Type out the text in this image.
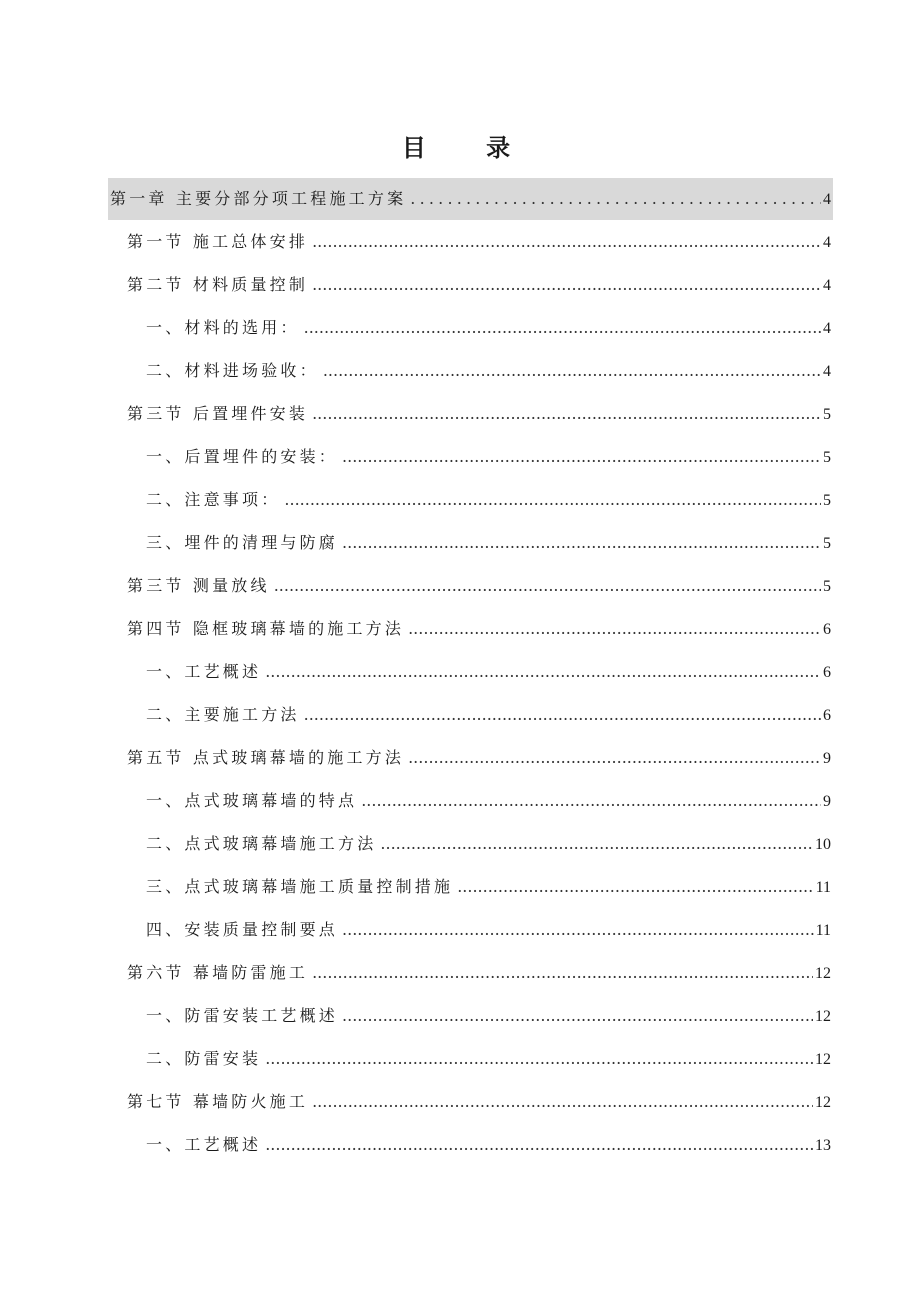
目 录
第一章 主要分部分项工程施工方案 .....	4
第一节 施工总体安排 .....	4
第二节 材料质量控制 .....	4
一、材料的选用： .....	4
二、材料进场验收： .....	4
第三节 后置埋件安装 .....	5
一、后置埋件的安装： .....	5
二、注意事项： .....	5
三、埋件的清理与防腐 .....	5
第三节 测量放线 .....	5
第四节 隐框玻璃幕墙的施工方法 .....	6
一、工艺概述 .....	6
二、主要施工方法 .....	6
第五节 点式玻璃幕墙的施工方法 .....	9
一、点式玻璃幕墙的特点 .....	9
二、点式玻璃幕墙施工方法 .....	10
三、点式玻璃幕墙施工质量控制措施 .....	11
四、安装质量控制要点 .....	11
第六节 幕墙防雷施工 .....	12
一、防雷安装工艺概述 .....	12
二、防雷安装 .....	12
第七节 幕墙防火施工 .....	12
一、工艺概述 .....	13
